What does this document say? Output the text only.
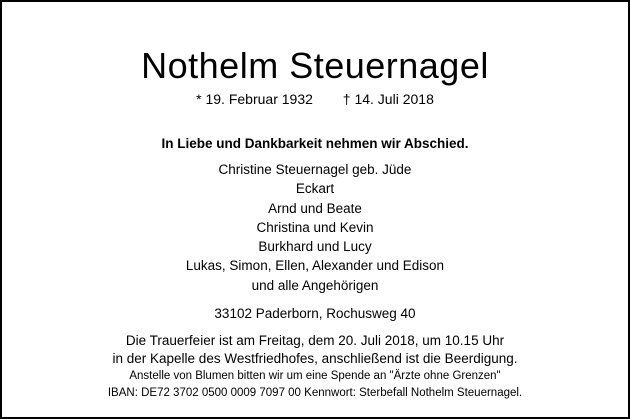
Nothelm Steuernagel
* 19. Februar 1932 † 14. Juli 2018
In Liebe und Dankbarkeit nehmen wir Abschied.
Christine Steuernagel geb. Jüde
Eckart
Arnd und Beate
Christina und Kevin
Burkhard und Lucy
Lukas, Simon, Ellen, Alexander und Edison
und alle Angehörigen
33102 Paderborn, Rochusweg 40
Die Trauerfeier ist am Freitag, dem 20. Juli 2018, um 10.15 Uhr
in der Kapelle des Westfriedhofes, anschließend ist die Beerdigung.
Anstelle von Blumen bitten wir um eine Spende an "Ärzte ohne Grenzen"
IBAN: DE72 3702 0500 0009 7097 00 Kennwort: Sterbefall Nothelm Steuernagel.
